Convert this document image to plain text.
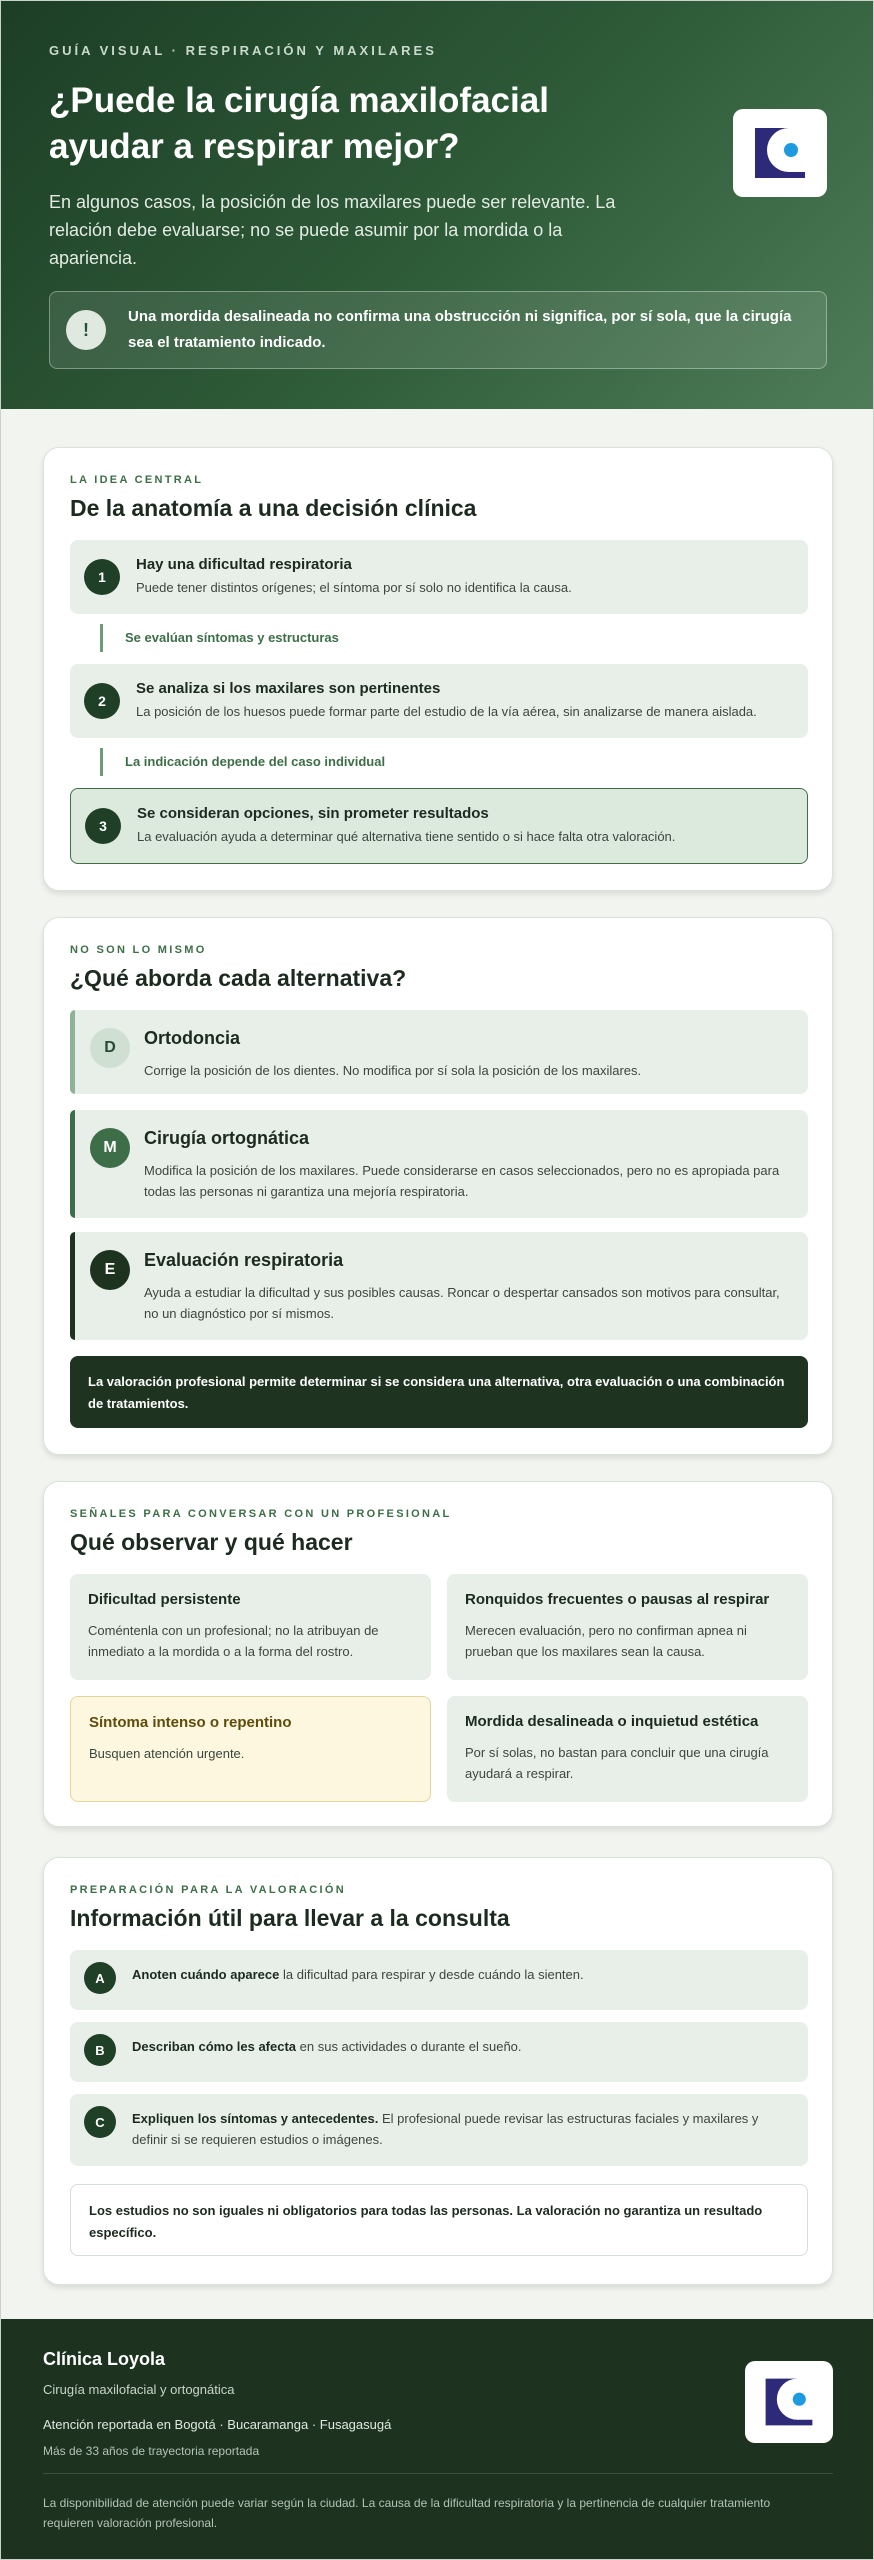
GUÍA VISUAL · RESPIRACIÓN Y MAXILARES
¿Puede la cirugía maxilofacial ayudar a respirar mejor?

En algunos casos, la posición de los maxilares puede ser relevante. La relación debe evaluarse; no se puede asumir por la mordida o la apariencia.

!
Una mordida desalineada no confirma una obstrucción ni significa, por sí sola, que la cirugía sea el tratamiento indicado.
LA IDEA CENTRAL
De la anatomía a una decisión clínica
1
Hay una dificultad respiratoria
Puede tener distintos orígenes; el síntoma por sí solo no identifica la causa.
Se evalúan síntomas y estructuras
2
Se analiza si los maxilares son pertinentes
La posición de los huesos puede formar parte del estudio de la vía aérea, sin analizarse de manera aislada.
La indicación depende del caso individual
3
Se consideran opciones, sin prometer resultados
La evaluación ayuda a determinar qué alternativa tiene sentido o si hace falta otra valoración.
NO SON LO MISMO
¿Qué aborda cada alternativa?
D	Ortodoncia
Corrige la posición de los dientes. No modifica por sí sola la posición de los maxilares.
M	Cirugía ortognática
Modifica la posición de los maxilares. Puede considerarse en casos seleccionados, pero no es apropiada para todas las personas ni garantiza una mejoría respiratoria.
E	Evaluación respiratoria
Ayuda a estudiar la dificultad y sus posibles causas. Roncar o despertar cansados son motivos para consultar, no un diagnóstico por sí mismos.
La valoración profesional permite determinar si se considera una alternativa, otra evaluación o una combinación de tratamientos.
SEÑALES PARA CONVERSAR CON UN PROFESIONAL
Qué observar y qué hacer
Dificultad persistente
Coméntenla con un profesional; no la atribuyan de inmediato a la mordida o a la forma del rostro.
Ronquidos frecuentes o pausas al respirar
Merecen evaluación, pero no confirman apnea ni prueban que los maxilares sean la causa.
Síntoma intenso o repentino
Busquen atención urgente.
Mordida desalineada o inquietud estética
Por sí solas, no bastan para concluir que una cirugía ayudará a respirar.
PREPARACIÓN PARA LA VALORACIÓN
Información útil para llevar a la consulta
A	Anoten cuándo aparece la dificultad para respirar y desde cuándo la sienten.
B	Describan cómo les afecta en sus actividades o durante el sueño.
C	Expliquen los síntomas y antecedentes. El profesional puede revisar las estructuras faciales y maxilares y definir si se requieren estudios o imágenes.
Los estudios no son iguales ni obligatorios para todas las personas. La valoración no garantiza un resultado específico.
Clínica Loyola
Cirugía maxilofacial y ortognática
Atención reportada en Bogotá · Bucaramanga · Fusagasugá
Más de 33 años de trayectoria reportada
La disponibilidad de atención puede variar según la ciudad. La causa de la dificultad respiratoria y la pertinencia de cualquier tratamiento requieren valoración profesional.
